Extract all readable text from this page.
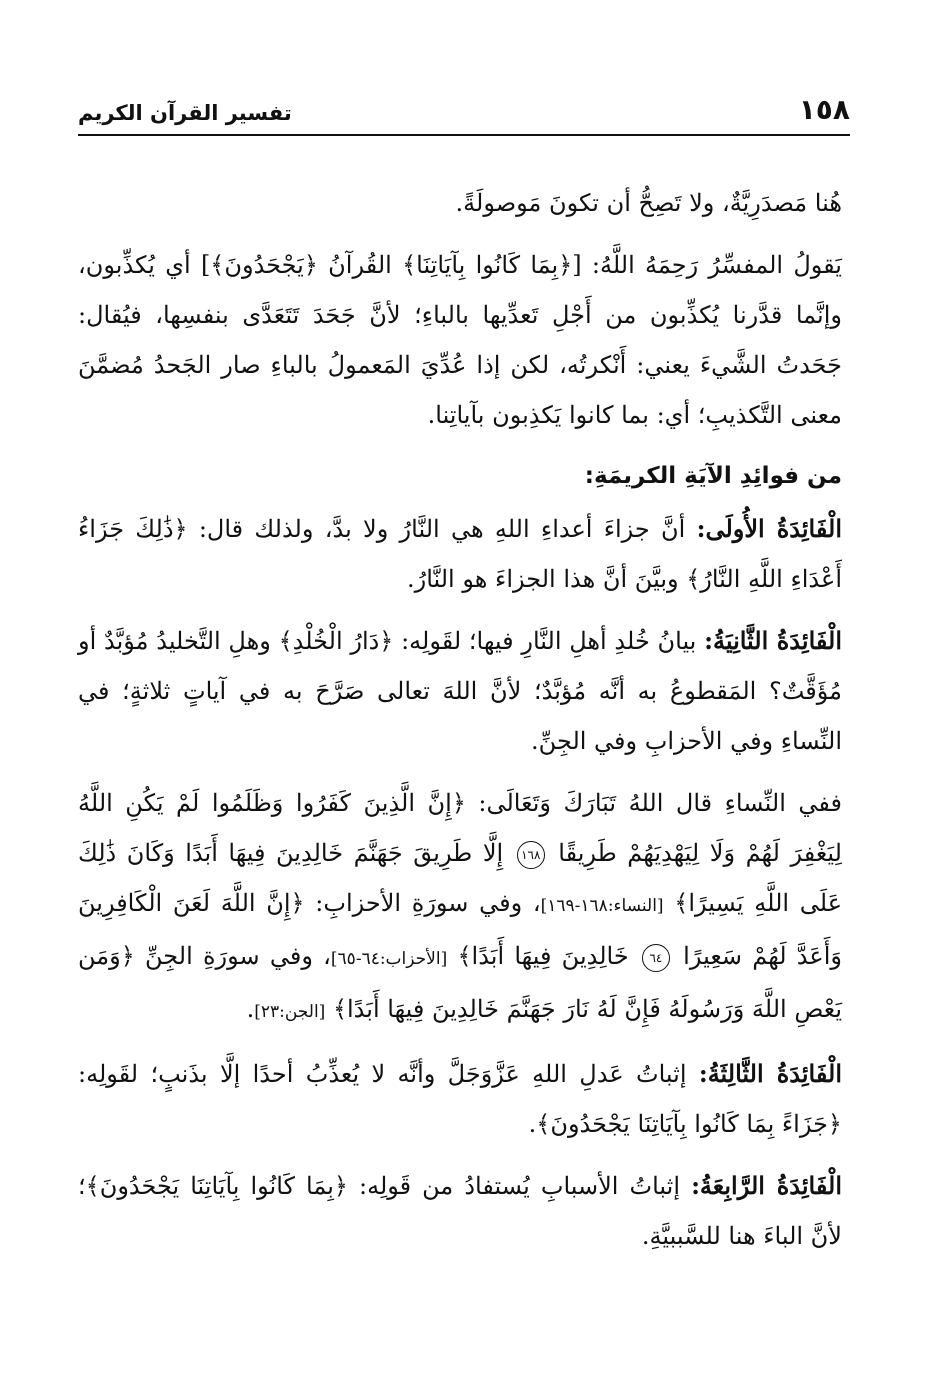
١٥٨
تفسير القرآن الكريم

هُنا مَصدَرِيَّةٌ، ولا تَصِحُّ أن تكونَ مَوصولَةً.

يَقولُ المفسِّرُ رَحِمَهُ اللَّهُ: [﴿بِمَا كَانُوا بِآيَاتِنَا﴾ القُرآنُ ﴿يَجْحَدُونَ﴾] أي يُكذِّبون، وإنَّما قدَّرنا يُكذِّبون من أَجْلِ تَعدِّيها بالباءِ؛ لأنَّ جَحَدَ تَتَعَدَّى بنفسِها، فيُقال: جَحَدتُ الشَّيءَ يعني: أَنْكرتُه، لكن إذا عُدِّيَ المَعمولُ بالباءِ صار الجَحدُ مُضمَّنَ معنى التَّكذيبِ؛ أي: بما كانوا يَكذِبون بآياتِنا.

من فوائِدِ الآيَةِ الكريمَةِ:

الْفَائِدَةُ الأُولَى: أنَّ جزاءَ أعداءِ اللهِ هي النَّارُ ولا بدَّ، ولذلك قال: ﴿ذَٰلِكَ جَزَاءُ أَعْدَاءِ اللَّهِ النَّارُ﴾ وبيَّنَ أنَّ هذا الجزاءَ هو النَّارُ.

الْفَائِدَةُ الثَّانِيَةُ: بيانُ خُلدِ أهلِ النَّارِ فيها؛ لقَولِه: ﴿دَارُ الْخُلْدِ﴾ وهلِ التَّخليدُ مُؤبَّدٌ أو مُؤَقَّتٌ؟ المَقطوعُ به أنَّه مُؤبَّدٌ؛ لأنَّ اللهَ تعالى صَرَّحَ به في آياتٍ ثلاثةٍ؛ في النِّساءِ وفي الأحزابِ وفي الجِنِّ.

ففي النِّساءِ قال اللهُ تَبَارَكَ وَتَعَالَى: ﴿إِنَّ الَّذِينَ كَفَرُوا وَظَلَمُوا لَمْ يَكُنِ اللَّهُ لِيَغْفِرَ لَهُمْ وَلَا لِيَهْدِيَهُمْ طَرِيقًا ١٦٨ إِلَّا طَرِيقَ جَهَنَّمَ خَالِدِينَ فِيهَا أَبَدًا وَكَانَ ذَٰلِكَ عَلَى اللَّهِ يَسِيرًا﴾ [النساء:١٦٨-١٦٩]، وفي سورَةِ الأحزابِ: ﴿إِنَّ اللَّهَ لَعَنَ الْكَافِرِينَ وَأَعَدَّ لَهُمْ سَعِيرًا ٦٤ خَالِدِينَ فِيهَا أَبَدًا﴾ [الأحزاب:٦٤-٦٥]، وفي سورَةِ الجِنِّ ﴿وَمَن يَعْصِ اللَّهَ وَرَسُولَهُ فَإِنَّ لَهُ نَارَ جَهَنَّمَ خَالِدِينَ فِيهَا أَبَدًا﴾ [الجن:٢٣].

الْفَائِدَةُ الثَّالِثَةُ: إثباتُ عَدلِ اللهِ عَزَّوَجَلَّ وأنَّه لا يُعذِّبُ أحدًا إلَّا بذَنبٍ؛ لقَولِه: ﴿جَزَاءً بِمَا كَانُوا بِآيَاتِنَا يَجْحَدُونَ﴾.

الْفَائِدَةُ الرَّابِعَةُ: إثباتُ الأسبابِ يُستفادُ من قَولِه: ﴿بِمَا كَانُوا بِآيَاتِنَا يَجْحَدُونَ﴾؛ لأنَّ الباءَ هنا للسَّببيَّةِ.
